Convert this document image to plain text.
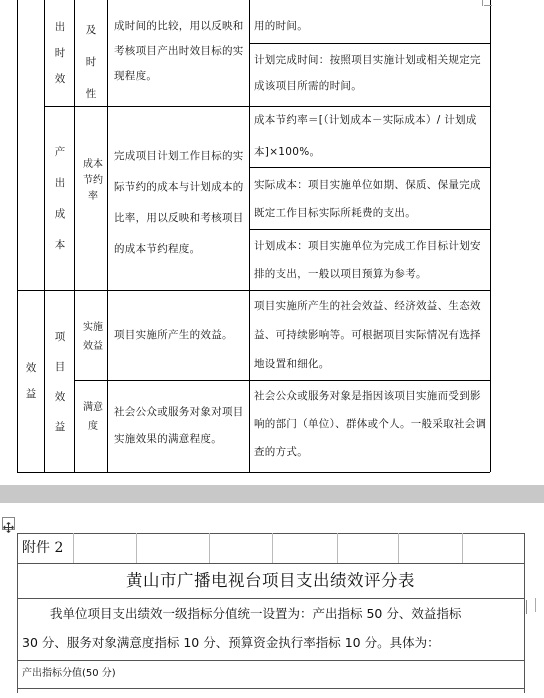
出时效
及时性
成时间的比较，用以反映和考核项目产出时效目标的实现程度。
用的时间。
计划完成时间：按照项目实施计划或相关规定完成该项目所需的时间。
产出成本
成本节约率
完成项目计划工作目标的实际节约的成本与计划成本的比率，用以反映和考核项目的成本节约程度。
成本节约率＝[（计划成本－实际成本）/ 计划成
本]×100%。
实际成本：项目实施单位如期、保质、保量完成既定工作目标实际所耗费的支出。
计划成本：项目实施单位为完成工作目标计划安排的支出，一般以项目预算为参考。
效益
项目效益
实施效益
项目实施所产生的效益。
项目实施所产生的社会效益、经济效益、生态效益、可持续影响等。可根据项目实际情况有选择地设置和细化。
满意度
社会公众或服务对象对项目实施效果的满意程度。
社会公众或服务对象是指因该项目实施而受到影响的部门（单位）、群体或个人。一般采取社会调查的方式。
附件 2
黄山市广播电视台项目支出绩效评分表
我单位项目支出绩效一级指标分值统一设置为：产出指标 50 分、效益指标
30 分、服务对象满意度指标 10 分、预算资金执行率指标 10 分。具体为：
产出指标分值(50 分)
